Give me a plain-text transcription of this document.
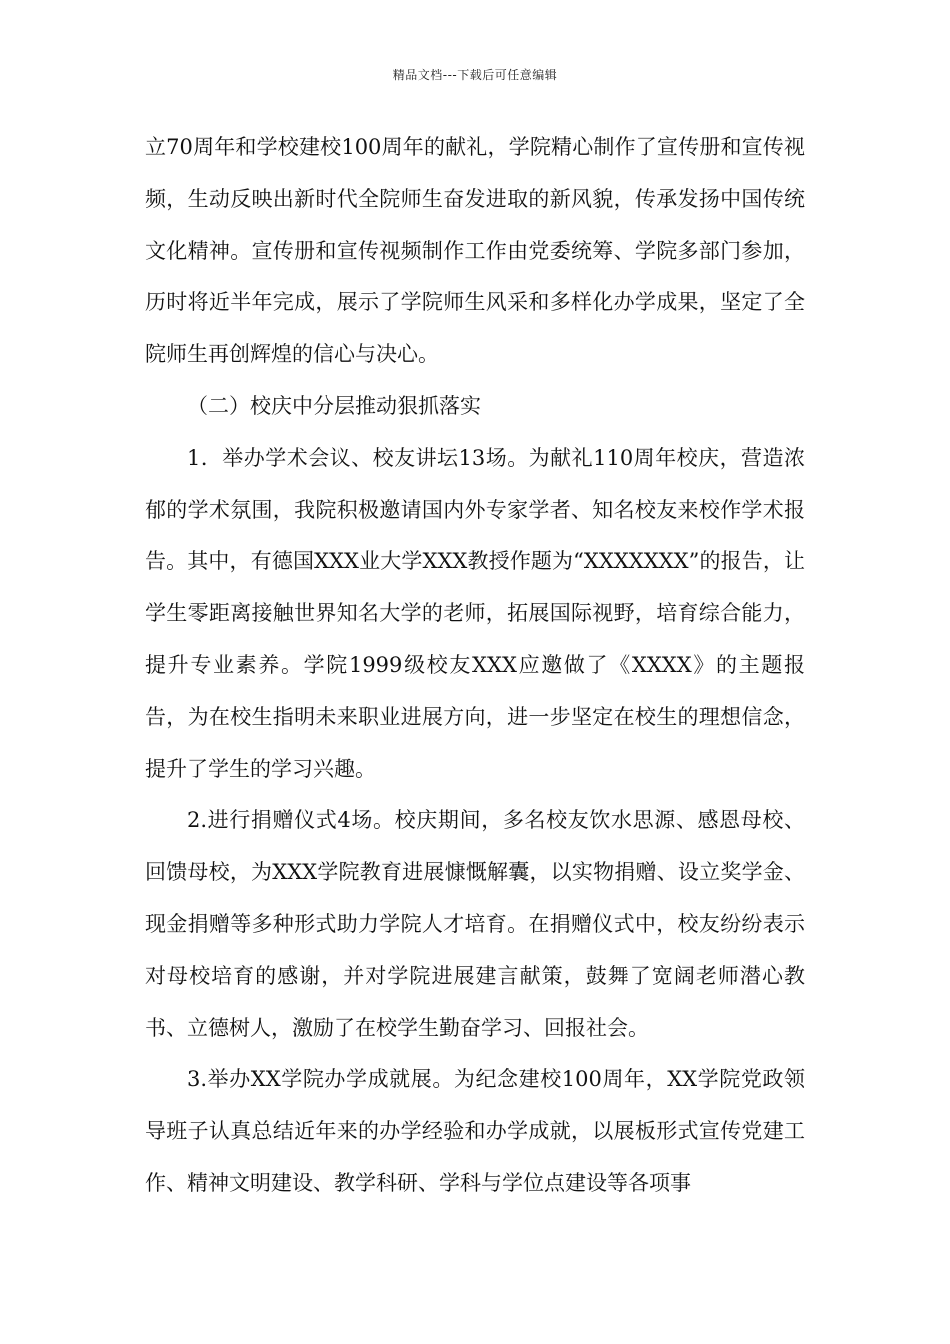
精品文档---下载后可任意编辑

立70周年和学校建校100周年的献礼，学院精心制作了宣传册和宣传视频，生动反映出新时代全院师生奋发进取的新风貌，传承发扬中国传统文化精神。宣传册和宣传视频制作工作由党委统筹、学院多部门参加，历时将近半年完成，展示了学院师生风采和多样化办学成果，坚定了全院师生再创辉煌的信心与决心。

（二）校庆中分层推动狠抓落实

1．举办学术会议、校友讲坛13场。为献礼110周年校庆，营造浓郁的学术氛围，我院积极邀请国内外专家学者、知名校友来校作学术报告。其中，有德国XXX业大学XXX教授作题为“XXXXXXX”的报告，让学生零距离接触世界知名大学的老师，拓展国际视野，培育综合能力，提升专业素养。学院1999级校友XXX应邀做了《XXXX》的主题报告，为在校生指明未来职业进展方向，进一步坚定在校生的理想信念，提升了学生的学习兴趣。

2.进行捐赠仪式4场。校庆期间，多名校友饮水思源、感恩母校、回馈母校，为XXX学院教育进展慷慨解囊，以实物捐赠、设立奖学金、现金捐赠等多种形式助力学院人才培育。在捐赠仪式中，校友纷纷表示对母校培育的感谢，并对学院进展建言献策，鼓舞了宽阔老师潜心教书、立德树人，激励了在校学生勤奋学习、回报社会。

3.举办XX学院办学成就展。为纪念建校100周年，XX学院党政领导班子认真总结近年来的办学经验和办学成就，以展板形式宣传党建工作、精神文明建设、教学科研、学科与学位点建设等各项事
